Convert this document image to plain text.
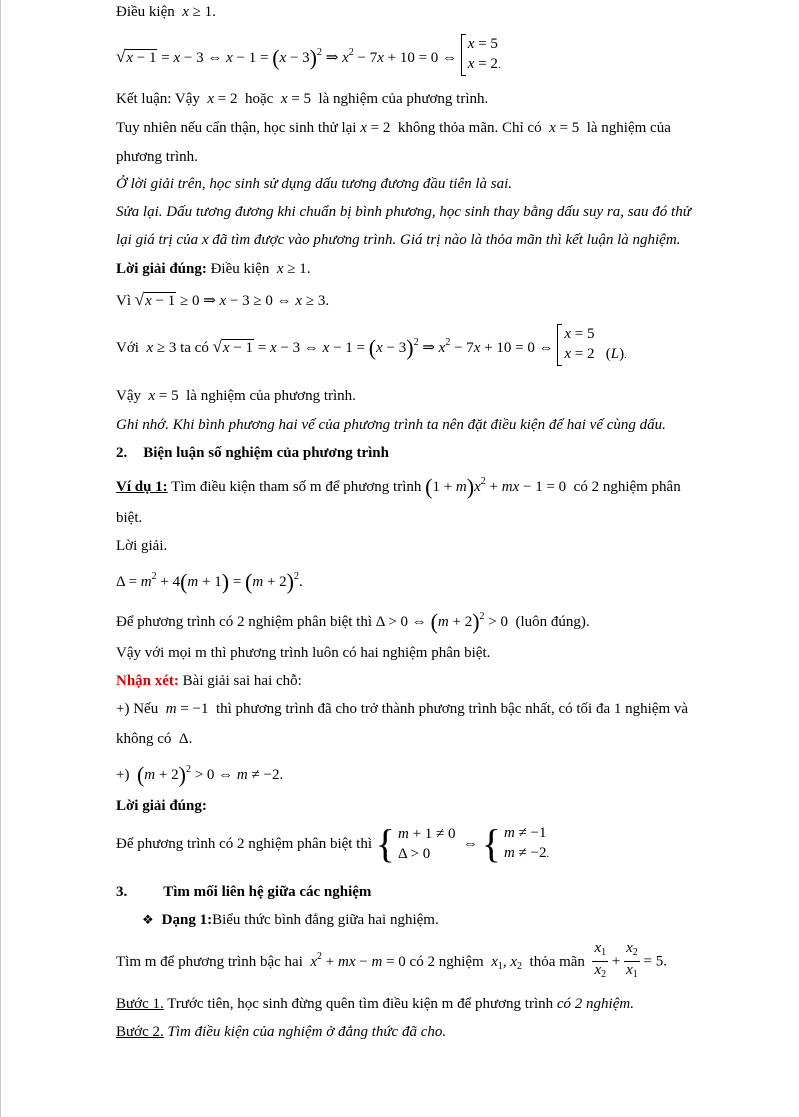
Điều kiện x ≥ 1.
√x − 1 = x − 3 ⇔ $x - 1 = (x - 3)^2$ ⇒ $x^2 - 7x + 10 = 0$ ⇔
x = 5
x = 2.
Kết luận: Vậy x = 2  hoặc x = 5  là nghiệm của phương trình.
Tuy nhiên nếu cẩn thận, học sinh thử lại x = 2  không thỏa mãn. Chỉ có x = 5  là nghiệm của
phương trình.
Ở lời giải trên, học sinh sử dụng dấu tương đương đầu tiên là sai.
Sửa lại. Dấu tương đương khi chuẩn bị bình phương, học sinh thay bằng dấu suy ra, sau đó thử
lại giá trị của x đã tìm được vào phương trình. Giá trị nào là thỏa mãn thì kết luận là nghiệm.
Lời giải đúng: Điều kiện x ≥ 1.
Vì √x − 1 ≥ 0 ⇒ x − 3 ≥ 0 ⇔ x ≥ 3.
Với x ≥ 3 ta có √x − 1 = x − 3 ⇔ $x - 1 = (x - 3)^2$ ⇒ $x^2 - 7x + 10 = 0$ ⇔
x = 5
x = 2   (L).
Vậy x = 5  là nghiệm của phương trình.
Ghi nhớ. Khi bình phương hai vế của phương trình ta nên đặt điều kiện để hai vế cùng dấu.
2. Biện luận số nghiệm của phương trình
Ví dụ 1: Tìm điều kiện tham số m để phương trình $(1 + m)x^2$ + mx − 1 = 0  có 2 nghiệm phân
biệt.
Lời giải.
$\Delta = m^2 + 4(m + 1) = (m + 2)^2$.
Để phương trình có 2 nghiệm phân biệt thì Δ > 0 ⇔ $(m + 2)^2 > 0$  (luôn đúng).
Vậy với mọi m thì phương trình luôn có hai nghiệm phân biệt.
Nhận xét: Bài giải sai hai chỗ:
+) Nếu m = −1  thì phương trình đã cho trở thành phương trình bậc nhất, có tối đa 1 nghiệm và
không có  Δ.
+) $(m + 2)^2 > 0$ ⇔ m ≠ −2.
Lời giải đúng:
Để phương trình có 2 nghiệm phân biệt thì { m + 1 ≠ 0
Δ > 0
⇔ { m ≠ −1
m ≠ −2.
3. Tìm mối liên hệ giữa các nghiệm
❖ Dạng 1:Biểu thức bình đẳng giữa hai nghiệm.
Tìm m để phương trình bậc hai $x^2$ + mx − m = 0 có 2 nghiệm $x_1$, $x_2$ thỏa mãn $\frac{x_1}{x_2} + \frac{x_2}{x_1} = 5$.
Bước 1. Trước tiên, học sinh đừng quên tìm điều kiện m để phương trình có 2 nghiệm.
Bước 2. Tìm điều kiện của nghiệm ở đẳng thức đã cho.
